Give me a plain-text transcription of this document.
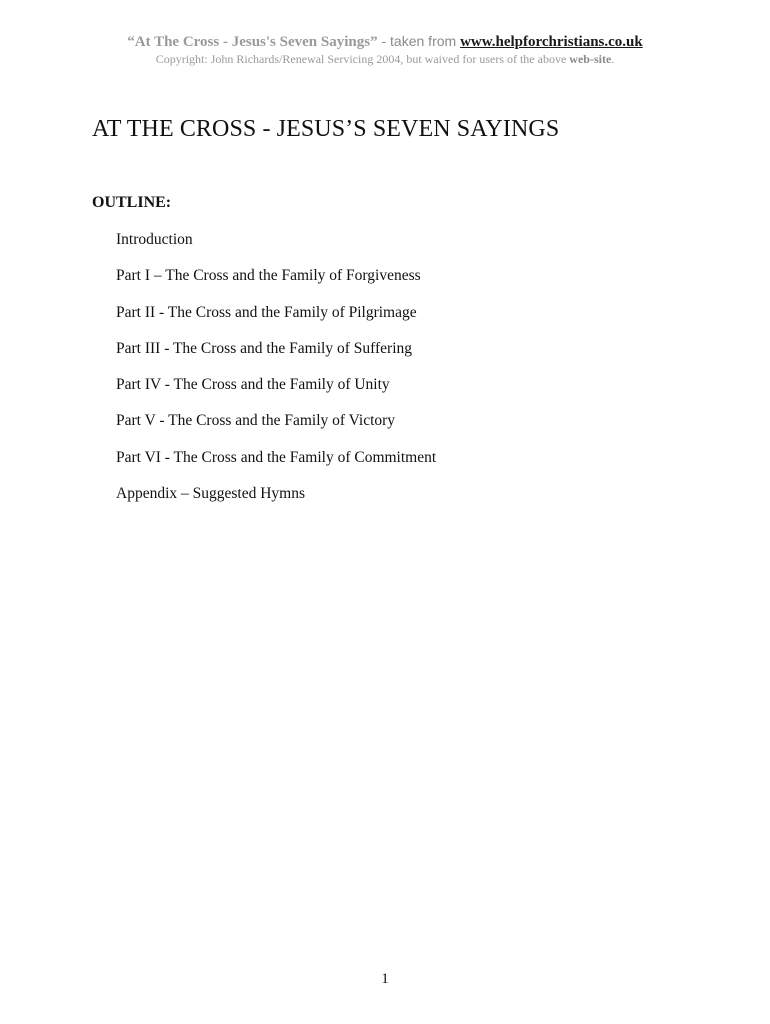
“At The Cross - Jesus's Seven Sayings” - taken from www.helpforchristians.co.uk
Copyright: John Richards/Renewal Servicing 2004, but waived for users of the above web-site.
AT THE CROSS - JESUS’S SEVEN SAYINGS
OUTLINE:
Introduction
Part I – The Cross and the Family of Forgiveness
Part II - The Cross and the Family of Pilgrimage
Part III - The Cross and the Family of Suffering
Part IV - The Cross and the Family of Unity
Part V - The Cross and the Family of Victory
Part VI - The Cross and the Family of Commitment
Appendix – Suggested Hymns
1
